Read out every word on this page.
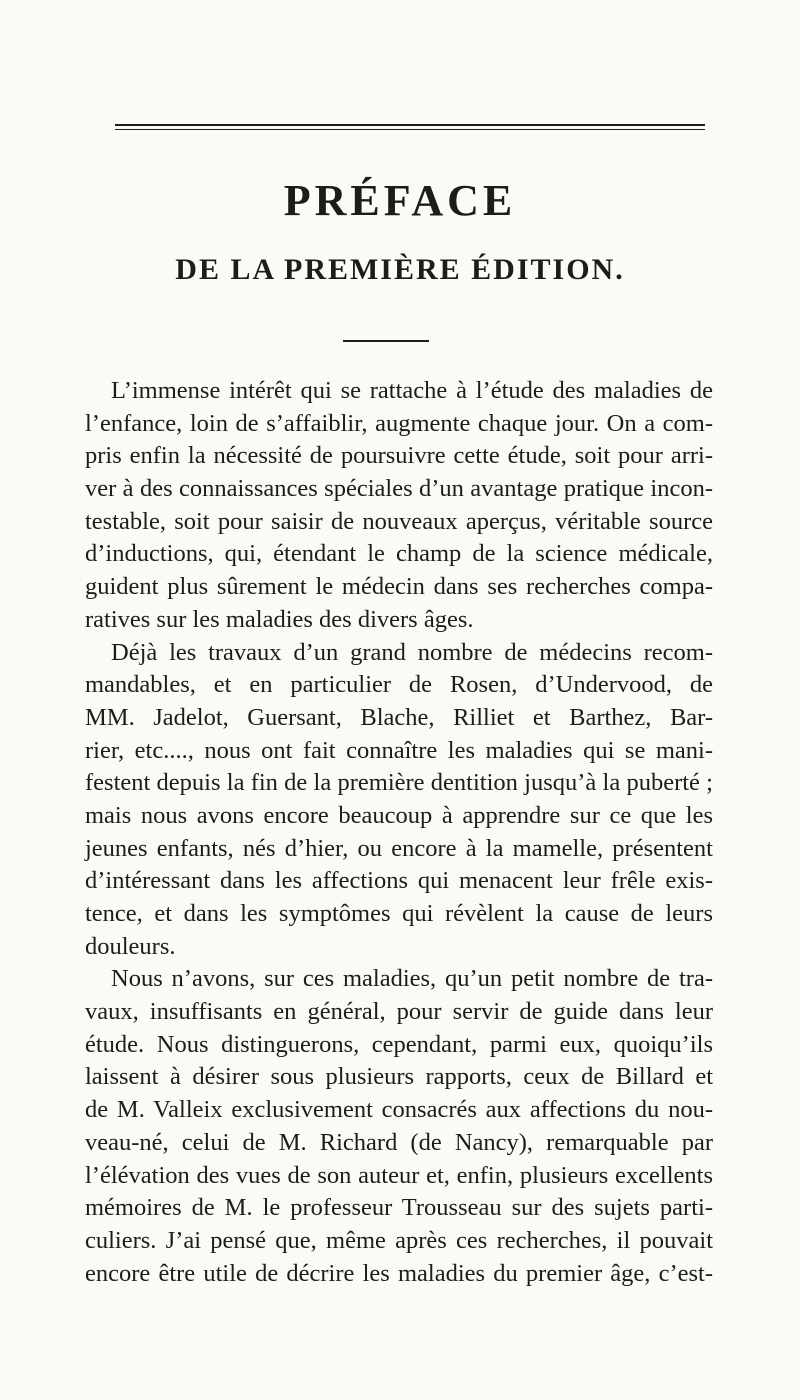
PRÉFACE
DE LA PREMIÈRE ÉDITION.
L’immense intérêt qui se rattache à l’étude des maladies de
l’enfance, loin de s’affaiblir, augmente chaque jour. On a com-
pris enfin la nécessité de poursuivre cette étude, soit pour arri-
ver à des connaissances spéciales d’un avantage pratique incon-
testable, soit pour saisir de nouveaux aperçus, véritable source
d’inductions, qui, étendant le champ de la science médicale,
guident plus sûrement le médecin dans ses recherches compa-
ratives sur les maladies des divers âges.
Déjà les travaux d’un grand nombre de médecins recom-
mandables, et en particulier de Rosen, d’Undervood, de
MM. Jadelot, Guersant, Blache, Rilliet et Barthez, Bar-
rier, etc...., nous ont fait connaître les maladies qui se mani-
festent depuis la fin de la première dentition jusqu’à la puberté ;
mais nous avons encore beaucoup à apprendre sur ce que les
jeunes enfants, nés d’hier, ou encore à la mamelle, présentent
d’intéressant dans les affections qui menacent leur frêle exis-
tence, et dans les symptômes qui révèlent la cause de leurs
douleurs.
Nous n’avons, sur ces maladies, qu’un petit nombre de tra-
vaux, insuffisants en général, pour servir de guide dans leur
étude. Nous distinguerons, cependant, parmi eux, quoiqu’ils
laissent à désirer sous plusieurs rapports, ceux de Billard et
de M. Valleix exclusivement consacrés aux affections du nou-
veau-né, celui de M. Richard (de Nancy), remarquable par
l’élévation des vues de son auteur et, enfin, plusieurs excellents
mémoires de M. le professeur Trousseau sur des sujets parti-
culiers. J’ai pensé que, même après ces recherches, il pouvait
encore être utile de décrire les maladies du premier âge, c’est-
